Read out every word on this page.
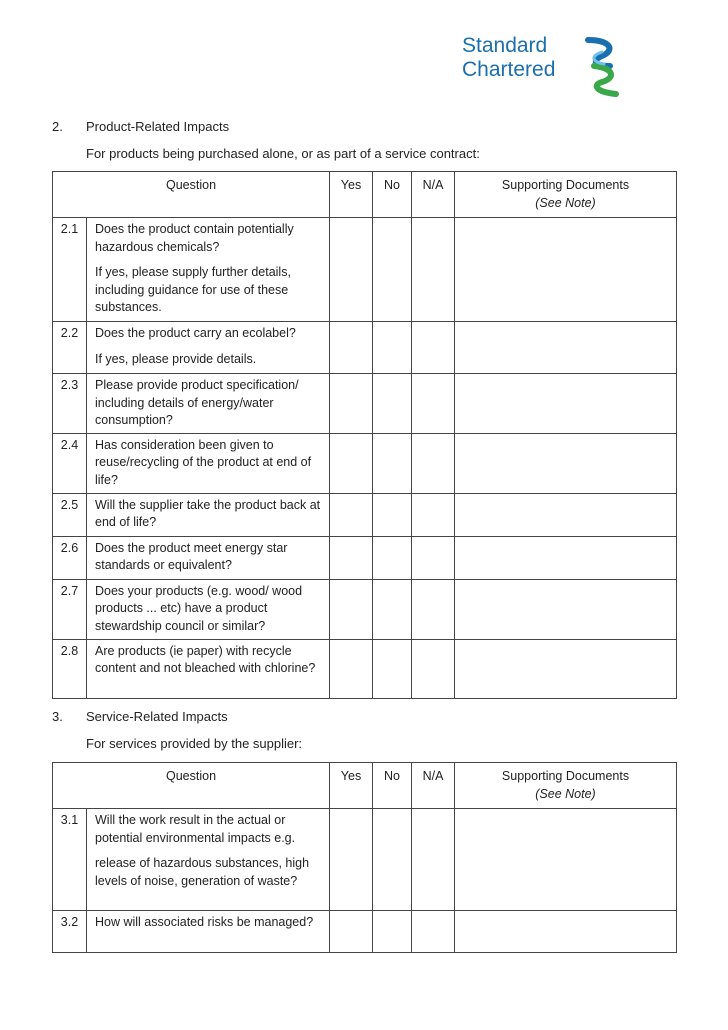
Standard
Chartered
2. Product-Related Impacts
For products being purchased alone, or as part of a service contract:
Question		Yes	No	N/A	Supporting Documents
(See Note)

2.1	Does the product contain potentially hazardous chemicals?

If yes, please supply further details, including guidance for use of these substances.				

2.2	Does the product carry an ecolabel?

If yes, please provide details.				

2.3	Please provide product specification/ including details of energy/water consumption?				

2.4	Has consideration been given to reuse/recycling of the product at end of life?				

2.5	Will the supplier take the product back at end of life?				

2.6	Does the product meet energy star standards or equivalent?				

2.7	Does your products (e.g. wood/ wood products ... etc) have a product stewardship council or similar?				

2.8	Are products (ie paper) with recycle content and not bleached with chlorine?				

3. Service-Related Impacts
For services provided by the supplier:
Question		Yes	No	N/A	Supporting Documents
(See Note)

3.1	Will the work result in the actual or potential environmental impacts e.g.

release of hazardous substances, high levels of noise, generation of waste?				

3.2	How will associated risks be managed?				
